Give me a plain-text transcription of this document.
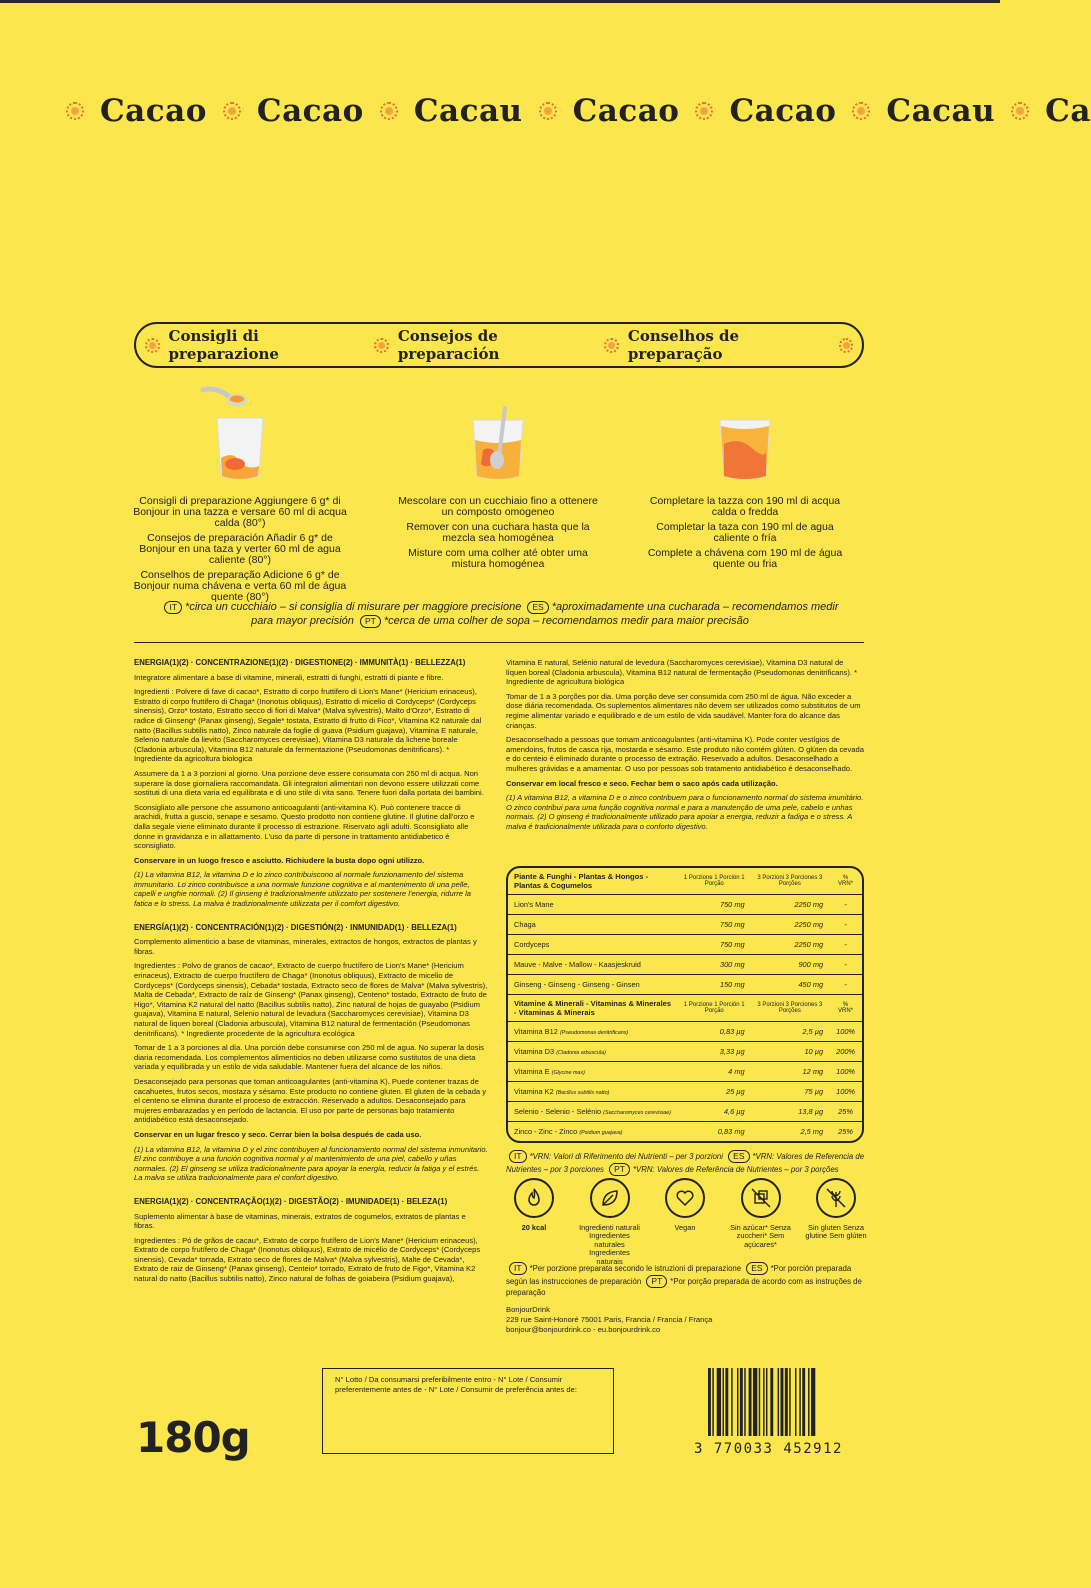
Cacao Cacao Cacau Cacao Cacao Cacau Ca
Consigli di preparazione
Consejos de preparación
Conselhos de preparação

Consigli di preparazione Aggiungere 6 g* di Bonjour in una tazza e versare 60 ml di acqua calda (80°)

Consejos de preparación Añadir 6 g* de Bonjour en una taza y verter 60 ml de agua caliente (80°)

Conselhos de preparação Adicione 6 g* de Bonjour numa chávena e verta 60 ml de água quente (80°)

Mescolare con un cucchiaio fino a ottenere un composto omogeneo

Remover con una cuchara hasta que la mezcla sea homogénea

Misture com uma colher até obter uma mistura homogénea

Completare la tazza con 190 ml di acqua calda o fredda

Completar la taza con 190 ml de agua caliente o fría

Complete a chávena com 190 ml de água quente ou fria

IT *circa un cucchiaio – si consiglia di misurare per maggiore precisione ES *aproximadamente una cucharada – recomendamos medir para mayor precisión PT *cerca de uma colher de sopa – recomendamos medir para maior precisão

ENERGIA(1)(2) · CONCENTRAZIONE(1)(2) · DIGESTIONE(2) · IMMUNITÀ(1) · BELLEZZA(1)

Integratore alimentare a base di vitamine, minerali, estratti di funghi, estratti di piante e fibre.

Ingredienti : Polvere di fave di cacao*, Estratto di corpo fruttifero di Lion's Mane* (Hericium erinaceus), Estratto di corpo fruttifero di Chaga* (Inonotus obliquus), Estratto di micelio di Cordyceps* (Cordyceps sinensis), Orzo* tostato, Estratto secco di fiori di Malva* (Malva sylvestris), Malto d'Orzo*, Estratto di radice di Ginseng* (Panax ginseng), Segale* tostata, Estratto di frutto di Fico*, Vitamina K2 naturale dal natto (Bacillus subtilis natto), Zinco naturale da foglie di guava (Psidium guajava), Vitamina E naturale, Selenio naturale da lievito (Saccharomyces cerevisiae), Vitamina D3 naturale da lichene boreale (Cladonia arbuscula), Vitamina B12 naturale da fermentazione (Pseudomonas denitrificans). * Ingrediente da agricoltura biologica

Assumere da 1 a 3 porzioni al giorno. Una porzione deve essere consumata con 250 ml di acqua. Non superare la dose giornaliera raccomandata. Gli integratori alimentari non devono essere utilizzati come sostituti di una dieta varia ed equilibrata e di uno stile di vita sano. Tenere fuori dalla portata dei bambini.

Sconsigliato alle persone che assumono anticoagulanti (anti-vitamina K). Può contenere tracce di arachidi, frutta a guscio, senape e sesamo. Questo prodotto non contiene glutine. Il glutine dall'orzo e dalla segale viene eliminato durante il processo di estrazione. Riservato agli adulti. Sconsigliato alle donne in gravidanza e in allattamento. L'uso da parte di persone in trattamento antidiabetico è sconsigliato.

Conservare in un luogo fresco e asciutto. Richiudere la busta dopo ogni utilizzo.

(1) La vitamina B12, la vitamina D e lo zinco contribuiscono al normale funzionamento del sistema immunitario. Lo zinco contribuisce a una normale funzione cognitiva e al mantenimento di una pelle, capelli e unghie normali. (2) Il ginseng è tradizionalmente utilizzato per sostenere l'energia, ridurre la fatica e lo stress. La malva è tradizionalmente utilizzata per il comfort digestivo.

ENERGÍA(1)(2) · CONCENTRACIÓN(1)(2) · DIGESTIÓN(2) · INMUNIDAD(1) · BELLEZA(1)

Complemento alimenticio a base de vitaminas, minerales, extractos de hongos, extractos de plantas y fibras.

Ingredientes : Polvo de granos de cacao*, Extracto de cuerpo fructífero de Lion's Mane* (Hericium erinaceus), Extracto de cuerpo fructífero de Chaga* (Inonotus obliquus), Extracto de micelio de Cordyceps* (Cordyceps sinensis), Cebada* tostada, Extracto seco de flores de Malva* (Malva sylvestris), Malta de Cebada*, Extracto de raíz de Ginseng* (Panax ginseng), Centeno* tostado, Extracto de fruto de Higo*, Vitamina K2 natural del natto (Bacillus subtilis natto), Zinc natural de hojas de guayabo (Psidium guajava), Vitamina E natural, Selenio natural de levadura (Saccharomyces cerevisiae), Vitamina D3 natural de liquen boreal (Cladonia arbuscula), Vitamina B12 natural de fermentación (Pseudomonas denitrificans). * Ingrediente procedente de la agricultura ecológica

Tomar de 1 a 3 porciones al día. Una porción debe consumirse con 250 ml de agua. No superar la dosis diaria recomendada. Los complementos alimenticios no deben utilizarse como sustitutos de una dieta variada y equilibrada y un estilo de vida saludable. Mantener fuera del alcance de los niños.

Desaconsejado para personas que toman anticoagulantes (anti-vitamina K). Puede contener trazas de cacahuetes, frutos secos, mostaza y sésamo. Este producto no contiene gluten. El gluten de la cebada y el centeno se elimina durante el proceso de extracción. Reservado a adultos. Desaconsejado para mujeres embarazadas y en período de lactancia. El uso por parte de personas bajo tratamiento antidiabético está desaconsejado.

Conservar en un lugar fresco y seco. Cerrar bien la bolsa después de cada uso.

(1) La vitamina B12, la vitamina D y el zinc contribuyen al funcionamiento normal del sistema inmunitario. El zinc contribuye a una función cognitiva normal y al mantenimiento de una piel, cabello y uñas normales. (2) El ginseng se utiliza tradicionalmente para apoyar la energía, reducir la fatiga y el estrés. La malva se utiliza tradicionalmente para el confort digestivo.

ENERGIA(1)(2) · CONCENTRAÇÃO(1)(2) · DIGESTÃO(2) · IMUNIDADE(1) · BELEZA(1)

Suplemento alimentar à base de vitaminas, minerais, extratos de cogumelos, extratos de plantas e fibras.

Ingredientes : Pó de grãos de cacau*, Extrato de corpo frutífero de Lion's Mane* (Hericium erinaceus), Extrato de corpo frutífero de Chaga* (Inonotus obliquus), Extrato de micélio de Cordyceps* (Cordyceps sinensis), Cevada* torrada, Extrato seco de flores de Malva* (Malva sylvestris), Malte de Cevada*, Extrato de raiz de Ginseng* (Panax ginseng), Centeio* torrado, Extrato de fruto de Figo*, Vitamina K2 natural do natto (Bacillus subtilis natto), Zinco natural de folhas de goiabeira (Psidium guajava),

Vitamina E natural, Selénio natural de levedura (Saccharomyces cerevisiae), Vitamina D3 natural de líquen boreal (Cladonia arbuscula), Vitamina B12 natural de fermentação (Pseudomonas denitrificans). * Ingrediente de agricultura biológica

Tomar de 1 a 3 porções por dia. Uma porção deve ser consumida com 250 ml de água. Não exceder a dose diária recomendada. Os suplementos alimentares não devem ser utilizados como substitutos de um regime alimentar variado e equilibrado e de um estilo de vida saudável. Manter fora do alcance das crianças.

Desaconselhado a pessoas que tomam anticoagulantes (anti-vitamina K). Pode conter vestígios de amendoins, frutos de casca rija, mostarda e sésamo. Este produto não contém glúten. O glúten da cevada e do centeio é eliminado durante o processo de extração. Reservado a adultos. Desaconselhado a mulheres grávidas e a amamentar. O uso por pessoas sob tratamento antidiabético é desaconselhado.

Conservar em local fresco e seco. Fechar bem o saco após cada utilização.

(1) A vitamina B12, a vitamina D e o zinco contribuem para o funcionamento normal do sistema imunitário. O zinco contribui para uma função cognitiva normal e para a manutenção de uma pele, cabelo e unhas normais. (2) O ginseng é tradicionalmente utilizado para apoiar a energia, reduzir a fadiga e o stress. A malva é tradicionalmente utilizada para o conforto digestivo.

Piante & Funghi - Plantas & Hongos - Plantas & Cogumelos	1 Porzione 1 Porción 1 Porção	3 Porzioni 3 Porciones 3 Porções	% VRN*
Lion's Mane	750 mg	2250 mg	-
Chaga	750 mg	2250 mg	-
Cordyceps	750 mg	2250 mg	-
Mauve - Malve - Mallow - Kaasjeskruid	300 mg	900 mg	-
Ginseng - Ginseng - Ginseng - Ginsen	150 mg	450 mg	-
Vitamine & Minerali - Vitaminas & Minerales - Vitaminas & Minerais	1 Porzione 1 Porción 1 Porção	3 Porzioni 3 Porciones 3 Porções	% VRN*
Vitamina B12 (Pseudomonas denitrificans)	0,83 µg	2,5 µg	100%
Vitamina D3 (Cladonia arbuscula)	3,33 µg	10 µg	200%
Vitamina E (Glycine max)	4 mg	12 mg	100%
Vitamina K2 (Bacillus subtilis natto)	25 µg	75 µg	100%
Selenio - Selenio - Selénio (Saccharomyces cerevisiae)	4,6 µg	13,8 µg	25%
Zinco - Zinc - Zinco (Psidium guajava)	0,83 mg	2,5 mg	25%
IT *VRN: Valori di Riferimento dei Nutrienti – per 3 porzioni ES *VRN: Valores de Referencia de Nutrientes – por 3 porciones PT *VRN: Valores de Referência de Nutrientes – por 3 porções
20 kcal	Ingredienti naturali Ingredientes naturales Ingredientes naturais
Vegan	Sin azúcar* Senza zuccheri* Sem açúcares*
Sin gluten Senza glutine Sem glúten
IT *Per porzione preparata secondo le istruzioni di preparazione ES *Por porción preparada según las instrucciones de preparación PT *Por porção preparada de acordo com as instruções de preparação
BonjourDrink
229 rue Saint-Honoré 75001 Paris, Francia / Francia / França
bonjour@bonjourdrink.co - eu.bonjourdrink.co
N° Lotto / Da consumarsi preferibilmente entro - N° Lote / Consumir preferentemente antes de - N° Lote / Consumir de preferência antes de:
180g	3 770033 452912
